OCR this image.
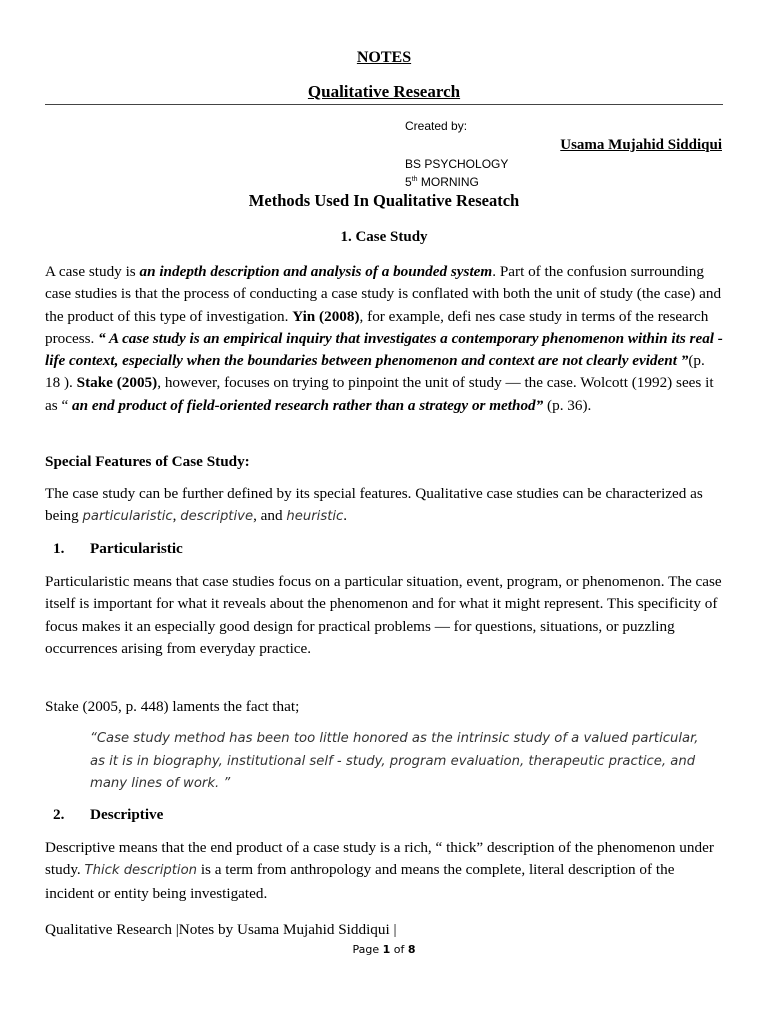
NOTES
Qualitative Research
Created by:
Usama Mujahid Siddiqui
BS PSYCHOLOGY
5th MORNING
Methods Used In Qualitative Reseatch
1. Case Study
A case study is an indepth description and analysis of a bounded system. Part of the confusion surrounding case studies is that the process of conducting a case study is conflated with both the unit of study (the case) and the product of this type of investigation. Yin (2008), for example, defi nes case study in terms of the research process. “ A case study is an empirical inquiry that investigates a contemporary phenomenon within its real - life context, especially when the boundaries between phenomenon and context are not clearly evident ”(p. 18 ). Stake (2005), however, focuses on trying to pinpoint the unit of study — the case. Wolcott (1992) sees it as “ an end product of field-oriented research rather than a strategy or method” (p. 36).
Special Features of Case Study:
The case study can be further defined by its special features. Qualitative case studies can be characterized as being particularistic, descriptive, and heuristic.
1. Particularistic
Particularistic means that case studies focus on a particular situation, event, program, or phenomenon. The case itself is important for what it reveals about the phenomenon and for what it might represent. This specificity of focus makes it an especially good design for practical problems — for questions, situations, or puzzling occurrences arising from everyday practice.
Stake (2005, p. 448) laments the fact that;
“Case study method has been too little honored as the intrinsic study of a valued particular, as it is in biography, institutional self - study, program evaluation, therapeutic practice, and many lines of work. ”
2. Descriptive
Descriptive means that the end product of a case study is a rich, “ thick” description of the phenomenon under study. Thick description is a term from anthropology and means the complete, literal description of the incident or entity being investigated.
Qualitative Research |Notes by Usama Mujahid Siddiqui |
Page 1 of 8
